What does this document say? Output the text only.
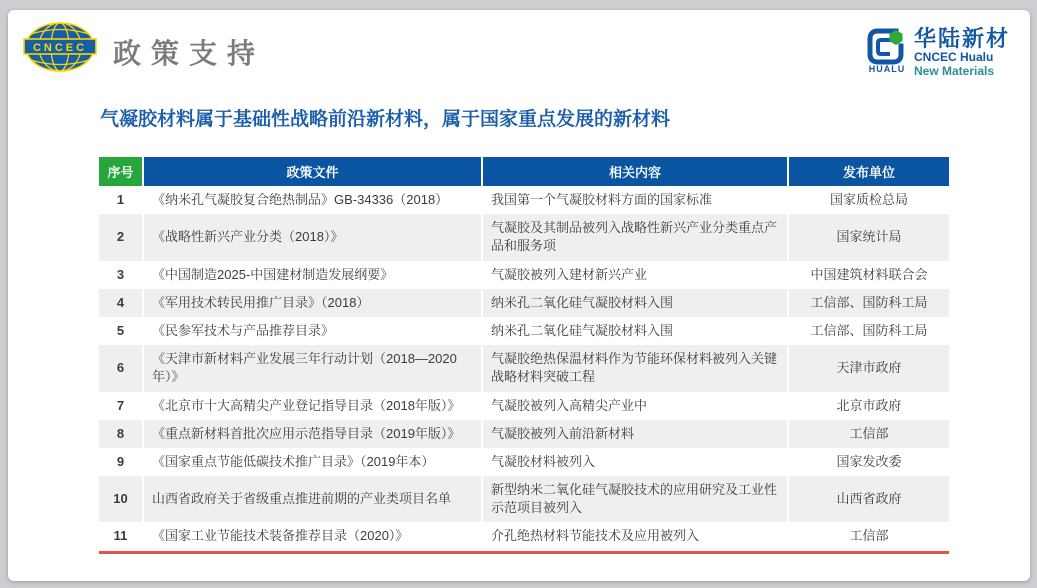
CNCEC 政策支持	HUALU
华陆新材
CNCEC Hualu
New Materials
气凝胶材料属于基础性战略前沿新材料，属于国家重点发展的新材料
序号	政策文件	相关内容	发布单位
1	《纳米孔气凝胶复合绝热制品》GB-34336（2018）	我国第一个气凝胶材料方面的国家标准	国家质检总局
2	《战略性新兴产业分类（2018）》	气凝胶及其制品被列入战略性新兴产业分类重点产品和服务项	国家统计局
3	《中国制造2025-中国建材制造发展纲要》	气凝胶被列入建材新兴产业	中国建筑材料联合会
4	《军用技术转民用推广目录》（2018）	纳米孔二氧化硅气凝胶材料入围	工信部、国防科工局
5	《民参军技术与产品推荐目录》	纳米孔二氧化硅气凝胶材料入围	工信部、国防科工局
6	《天津市新材料产业发展三年行动计划（2018—2020年）》	气凝胶绝热保温材料作为节能环保材料被列入关键战略材料突破工程	天津市政府
7	《北京市十大高精尖产业登记指导目录（2018年版）》	气凝胶被列入高精尖产业中	北京市政府
8	《重点新材料首批次应用示范指导目录（2019年版）》	气凝胶被列入前沿新材料	工信部
9	《国家重点节能低碳技术推广目录》（2019年本）	气凝胶材料被列入	国家发改委
10	山西省政府关于省级重点推进前期的产业类项目名单	新型纳米二氧化硅气凝胶技术的应用研究及工业性示范项目被列入	山西省政府
11	《国家工业节能技术装备推荐目录（2020）》	介孔绝热材料节能技术及应用被列入	工信部
